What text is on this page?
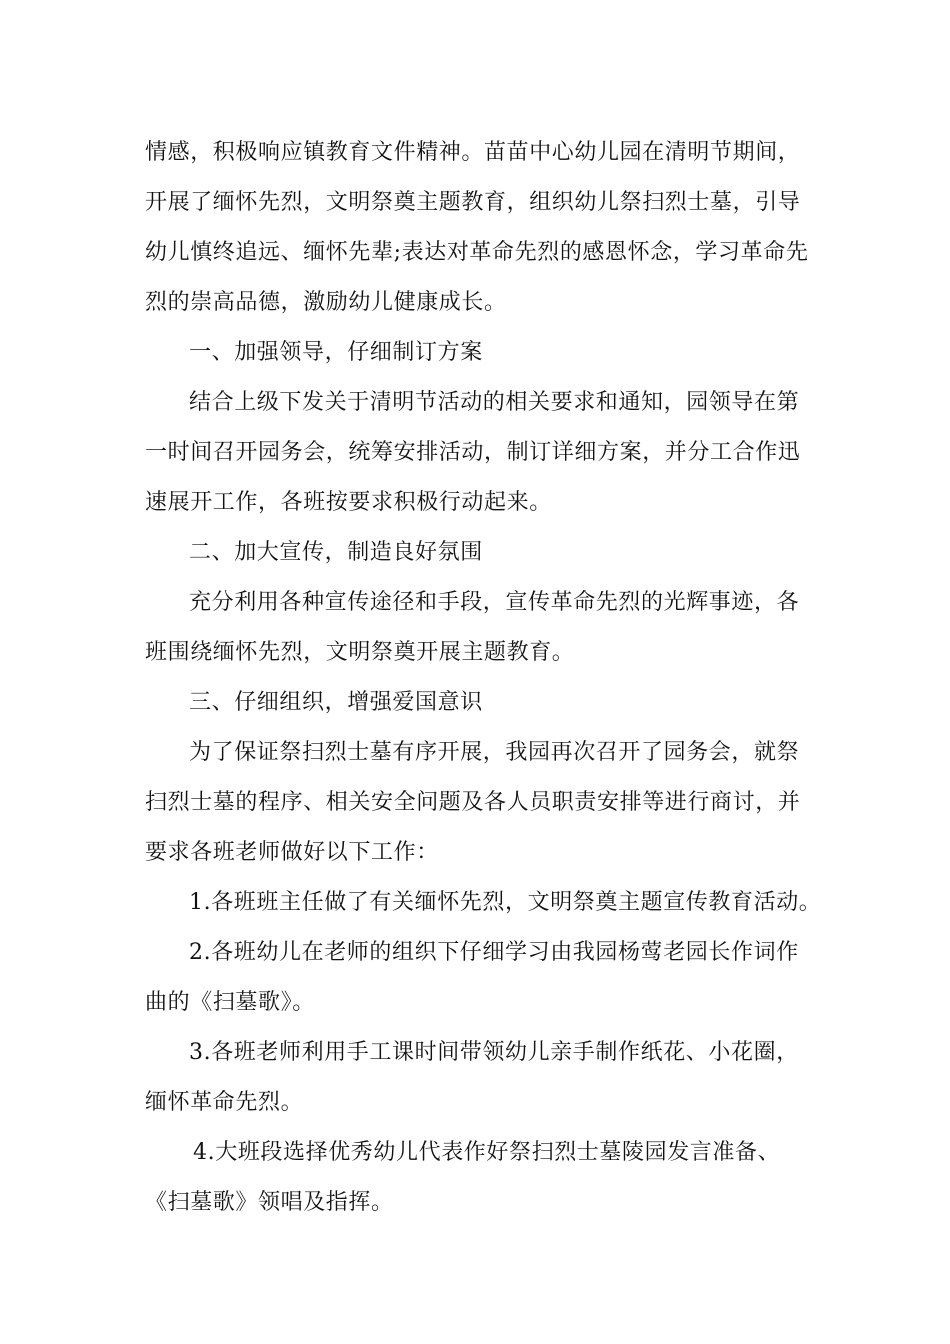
情感，积极响应镇教育文件精神。苗苗中心幼儿园在清明节期间，
开展了缅怀先烈，文明祭奠主题教育，组织幼儿祭扫烈士墓，引导
幼儿慎终追远、缅怀先辈;表达对革命先烈的感恩怀念，学习革命先
烈的崇高品德，激励幼儿健康成长。
一、加强领导，仔细制订方案
结合上级下发关于清明节活动的相关要求和通知，园领导在第
一时间召开园务会，统筹安排活动，制订详细方案，并分工合作迅
速展开工作，各班按要求积极行动起来。
二、加大宣传，制造良好氛围
充分利用各种宣传途径和手段，宣传革命先烈的光辉事迹，各
班围绕缅怀先烈，文明祭奠开展主题教育。
三、仔细组织，增强爱国意识
为了保证祭扫烈士墓有序开展，我园再次召开了园务会，就祭
扫烈士墓的程序、相关安全问题及各人员职责安排等进行商讨，并
要求各班老师做好以下工作：
1.各班班主任做了有关缅怀先烈，文明祭奠主题宣传教育活动。
2.各班幼儿在老师的组织下仔细学习由我园杨莺老园长作词作
曲的《扫墓歌》。
3.各班老师利用手工课时间带领幼儿亲手制作纸花、小花圈，
缅怀革命先烈。
4.大班段选择优秀幼儿代表作好祭扫烈士墓陵园发言准备、
《扫墓歌》领唱及指挥。
